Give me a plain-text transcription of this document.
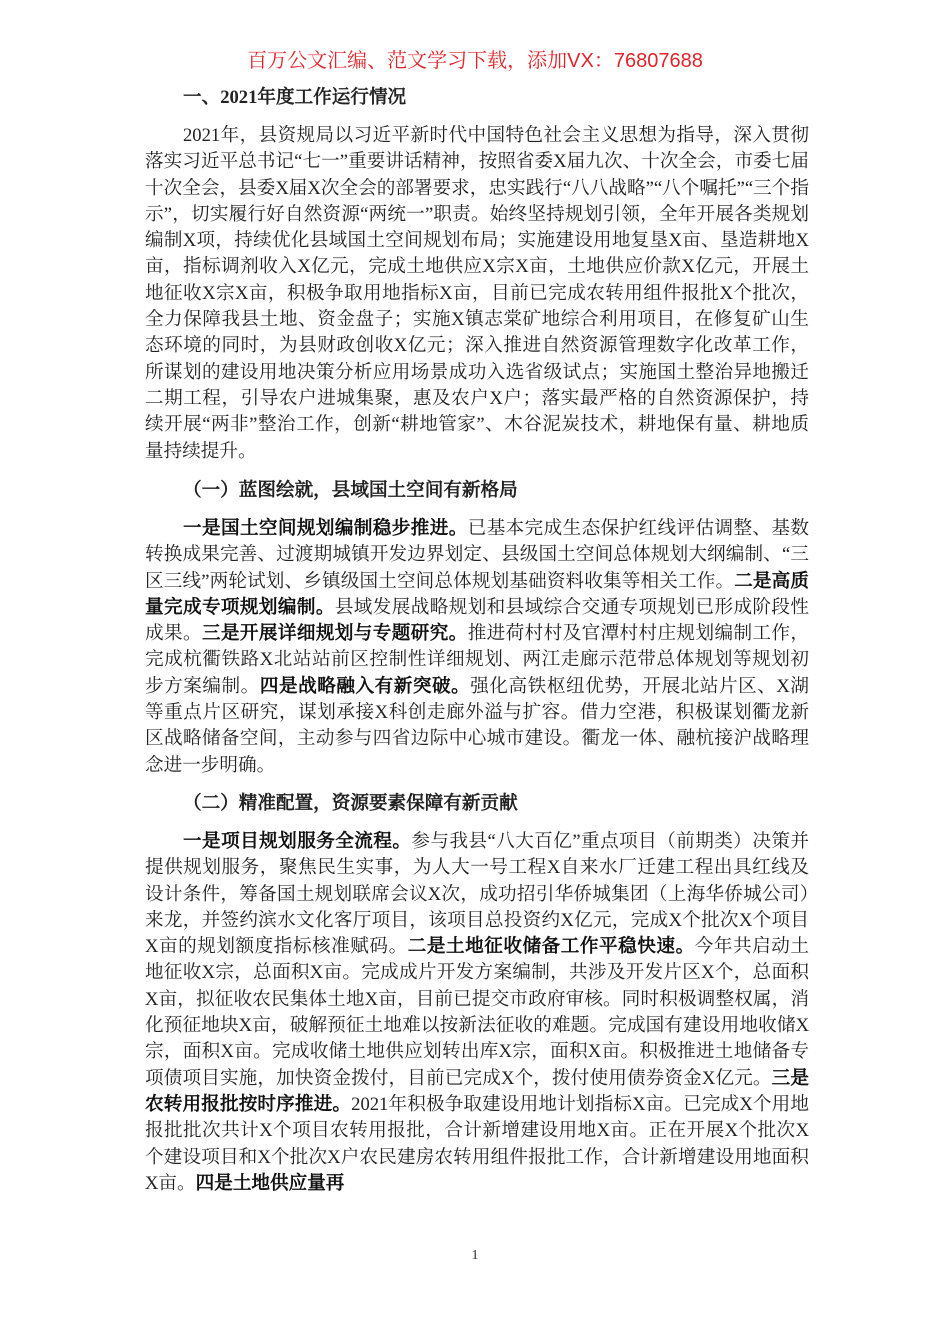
百万公文汇编、范文学习下载，添加VX：76807688
一、2021年度工作运行情况

2021年，县资规局以习近平新时代中国特色社会主义思想为指导，深入贯彻落实习近平总书记“七一”重要讲话精神，按照省委X届九次、十次全会，市委七届十次全会，县委X届X次全会的部署要求，忠实践行“八八战略”“八个嘱托”“三个指示”，切实履行好自然资源“两统一”职责。始终坚持规划引领，全年开展各类规划编制X项，持续优化县域国土空间规划布局；实施建设用地复垦X亩、垦造耕地X亩，指标调剂收入X亿元，完成土地供应X宗X亩，土地供应价款X亿元，开展土地征收X宗X亩，积极争取用地指标X亩，目前已完成农转用组件报批X个批次，全力保障我县土地、资金盘子；实施X镇志棠矿地综合利用项目，在修复矿山生态环境的同时，为县财政创收X亿元；深入推进自然资源管理数字化改革工作，所谋划的建设用地决策分析应用场景成功入选省级试点；实施国土整治异地搬迁二期工程，引导农户进城集聚，惠及农户X户；落实最严格的自然资源保护，持续开展“两非”整治工作，创新“耕地管家”、木谷泥炭技术，耕地保有量、耕地质量持续提升。

（一）蓝图绘就，县域国土空间有新格局

一是国土空间规划编制稳步推进。已基本完成生态保护红线评估调整、基数转换成果完善、过渡期城镇开发边界划定、县级国土空间总体规划大纲编制、“三区三线”两轮试划、乡镇级国土空间总体规划基础资料收集等相关工作。二是高质量完成专项规划编制。县域发展战略规划和县域综合交通专项规划已形成阶段性成果。三是开展详细规划与专题研究。推进荷村村及官潭村村庄规划编制工作，完成杭衢铁路X北站站前区控制性详细规划、两江走廊示范带总体规划等规划初步方案编制。四是战略融入有新突破。强化高铁枢纽优势，开展北站片区、X湖等重点片区研究，谋划承接X科创走廊外溢与扩容。借力空港，积极谋划衢龙新区战略储备空间，主动参与四省边际中心城市建设。衢龙一体、融杭接沪战略理念进一步明确。

（二）精准配置，资源要素保障有新贡献

一是项目规划服务全流程。参与我县“八大百亿”重点项目（前期类）决策并提供规划服务，聚焦民生实事，为人大一号工程X自来水厂迁建工程出具红线及设计条件，筹备国土规划联席会议X次，成功招引华侨城集团（上海华侨城公司）来龙，并签约滨水文化客厅项目，该项目总投资约X亿元，完成X个批次X个项目X亩的规划额度指标核准赋码。二是土地征收储备工作平稳快速。今年共启动土地征收X宗，总面积X亩。完成成片开发方案编制，共涉及开发片区X个，总面积X亩，拟征收农民集体土地X亩，目前已提交市政府审核。同时积极调整权属，消化预征地块X亩，破解预征土地难以按新法征收的难题。完成国有建设用地收储X宗，面积X亩。完成收储土地供应划转出库X宗，面积X亩。积极推进土地储备专项债项目实施，加快资金拨付，目前已完成X个，拨付使用债券资金X亿元。三是农转用报批按时序推进。2021年积极争取建设用地计划指标X亩。已完成X个用地报批批次共计X个项目农转用报批，合计新增建设用地X亩。正在开展X个批次X个建设项目和X个批次X户农民建房农转用组件报批工作，合计新增建设用地面积X亩。四是土地供应量再

1
